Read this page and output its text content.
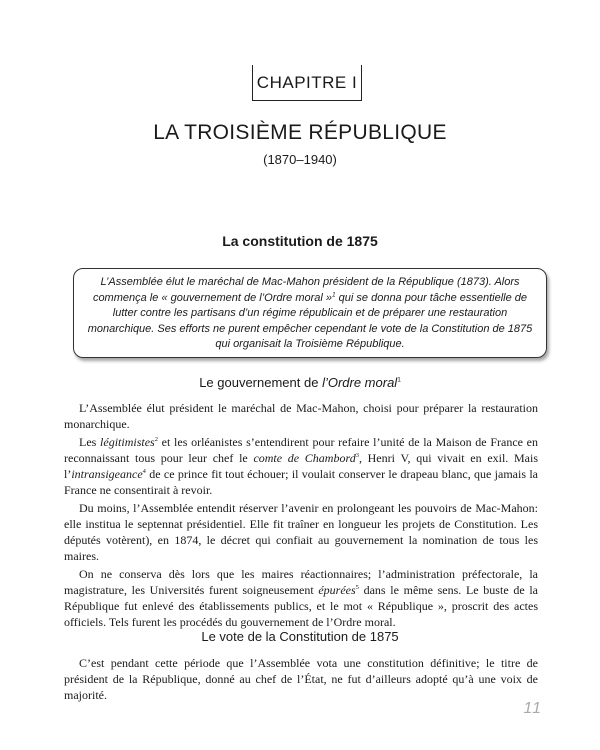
CHAPITRE I
LA TROISIÈME RÉPUBLIQUE
(1870–1940)
La constitution de 1875

L’Assemblée élut le maréchal de Mac-Mahon président de la République (1873). Alors commença le « gouvernement de l’Ordre moral »$^1$ qui se donna pour tâche essentielle de lutter contre les partisans d’un régime républicain et de préparer une restauration monarchique. Ses efforts ne purent empêcher cependant le vote de la Constitution de 1875 qui organisait la Troisième République.

Le gouvernement de l’Ordre moral$^1$

L’Assemblée élut président le maréchal de Mac-Mahon, choisi pour préparer la restauration monarchique.

Les légitimistes$^2$ et les orléanistes s’entendirent pour refaire l’unité de la Maison de France en reconnaissant tous pour leur chef le comte de Chambord$^3$, Henri V, qui vivait en exil. Mais l’intransigeance$^4$ de ce prince fit tout échouer; il voulait conserver le drapeau blanc, que jamais la France ne consentirait à revoir.

Du moins, l’Assemblée entendit réserver l’avenir en prolongeant les pouvoirs de Mac-Mahon: elle institua le septennat présidentiel. Elle fit traîner en longueur les projets de Constitution. Les députés votèrent), en 1874, le décret qui confiait au gouvernement la nomination de tous les maires.

On ne conserva dès lors que les maires réactionnaires; l’administration préfectorale, la magistrature, les Universités furent soigneusement épurées$^5$ dans le même sens. Le buste de la République fut enlevé des établissements publics, et le mot « République », proscrit des actes officiels. Tels furent les procédés du gouvernement de l’Ordre moral.

Le vote de la Constitution de 1875

C’est pendant cette période que l’Assemblée vota une constitution définitive; le titre de président de la République, donné au chef de l’État, ne fut d’ailleurs adopté qu’à une voix de majorité.

11
